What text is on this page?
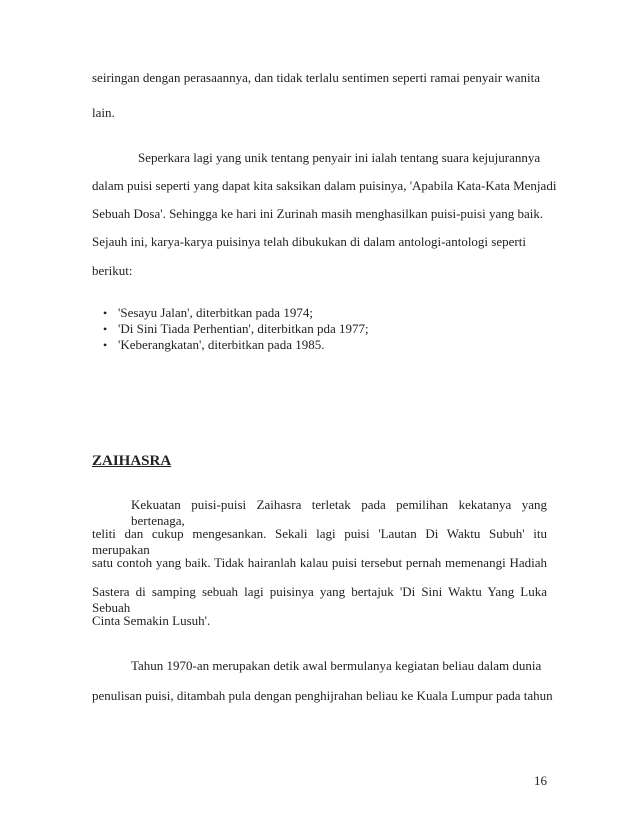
seiringan dengan perasaannya, dan tidak terlalu sentimen seperti ramai penyair wanita
lain.
Seperkara lagi yang unik tentang penyair ini ialah tentang suara kejujurannya
dalam puisi seperti yang dapat kita saksikan dalam puisinya, 'Apabila Kata-Kata Menjadi
Sebuah Dosa'. Sehingga ke hari ini Zurinah masih menghasilkan puisi-puisi yang baik.
Sejauh ini, karya-karya puisinya telah dibukukan di dalam antologi-antologi seperti
berikut:
• 'Sesayu Jalan', diterbitkan pada 1974;
• 'Di Sini Tiada Perhentian', diterbitkan pda 1977;
• 'Keberangkatan', diterbitkan pada 1985.
ZAIHASRA
Kekuatan puisi-puisi Zaihasra terletak pada pemilihan kekatanya yang bertenaga,
teliti dan cukup mengesankan. Sekali lagi puisi 'Lautan Di Waktu Subuh' itu merupakan
satu contoh yang baik. Tidak hairanlah kalau puisi tersebut pernah memenangi Hadiah
Sastera di samping sebuah lagi puisinya yang bertajuk 'Di Sini Waktu Yang Luka Sebuah
Cinta Semakin Lusuh'.
Tahun 1970-an merupakan detik awal bermulanya kegiatan beliau dalam dunia
penulisan puisi, ditambah pula dengan penghijrahan beliau ke Kuala Lumpur pada tahun
16
